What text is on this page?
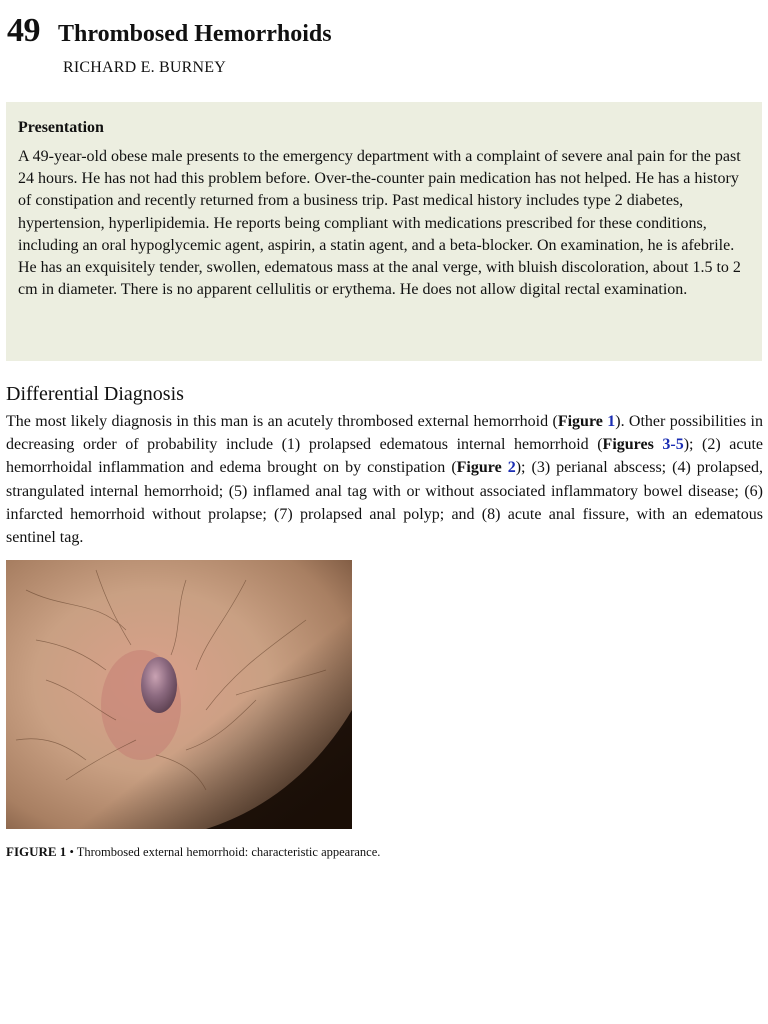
49 Thrombosed Hemorrhoids
RICHARD E. BURNEY
Presentation

A 49-year-old obese male presents to the emergency department with a complaint of severe anal pain for the past 24 hours. He has not had this problem before. Over-the-counter pain medication has not helped. He has a history of constipation and recently returned from a business trip. Past medical history includes type 2 diabetes, hypertension, hyperlipidemia. He reports being compliant with medications prescribed for these conditions, including an oral hypoglycemic agent, aspirin, a statin agent, and a beta-blocker. On examination, he is afebrile. He has an exquisitely tender, swollen, edematous mass at the anal verge, with bluish discoloration, about 1.5 to 2 cm in diameter. There is no apparent cellulitis or erythema. He does not allow digital rectal examination.

Differential Diagnosis

The most likely diagnosis in this man is an acutely thrombosed external hemorrhoid (Figure 1). Other possibilities in decreasing order of probability include (1) prolapsed edematous internal hemorrhoid (Figures 3-5); (2) acute hemorrhoidal inflammation and edema brought on by constipation (Figure 2); (3) perianal abscess; (4) prolapsed, strangulated internal hemorrhoid; (5) inflamed anal tag with or without associated inflammatory bowel disease; (6) infarcted hemorrhoid without prolapse; (7) prolapsed anal polyp; and (8) acute anal fissure, with an edematous sentinel tag.

FIGURE 1 • Thrombosed external hemorrhoid: characteristic appearance.
